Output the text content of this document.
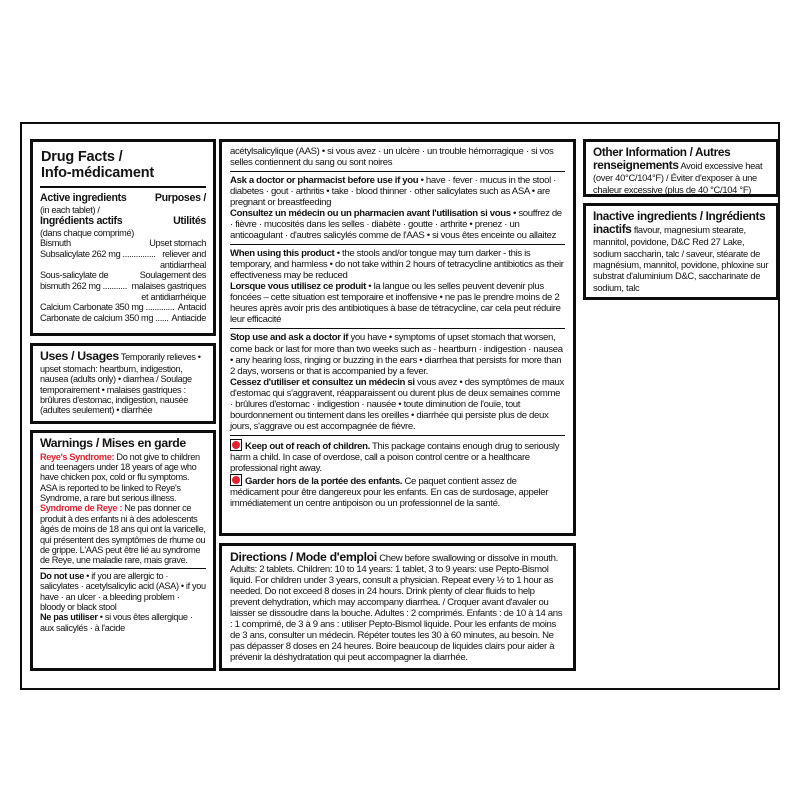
Drug Facts /
Info-médicament
Active ingredients	Purposes /
(in each tablet) /
Ingrédients actifs	Utilités
(dans chaque comprimé)
Bismuth	Upset stomach
Subsalicylate 262 mg ............... reliever and
antidiarrheal
Sous-salicylate de	Soulagement des
bismuth 262 mg ........... malaises gastriques
et antidiarrhéique
Calcium Carbonate 350 mg ............. Antacid
Carbonate de calcium 350 mg ...... Antiacide

Uses / Usages Temporarily relieves • upset stomach: heartburn, indigestion, nausea (adults only) • diarrhea / Soulage temporairement • malaises gastriques : brûlures d'estomac, indigestion, nausée (adultes seulement) • diarrhée

Warnings / Mises en garde

Reye's Syndrome: Do not give to children and teenagers under 18 years of age who have chicken pox, cold or flu symptoms. ASA is reported to be linked to Reye's Syndrome, a rare but serious illness.

Syndrome de Reye : Ne pas donner ce produit à des enfants ni à des adolescents âgés de moins de 18 ans qui ont la varicelle, qui présentent des symptômes de rhume ou de grippe. L'AAS peut être lié au syndrome de Reye, une maladie rare, mais grave.

Do not use • if you are allergic to · salicylates · acetylsalicylic acid (ASA) • if you have · an ulcer · a bleeding problem · bloody or black stool

Ne pas utiliser • si vous êtes allergique · aux salicylés · à l'acide

acétylsalicylique (AAS) • si vous avez · un ulcère · un trouble hémorragique · si vos selles contiennent du sang ou sont noires

Ask a doctor or pharmacist before use if you • have · fever · mucus in the stool · diabetes · gout · arthritis • take · blood thinner · other salicylates such as ASA • are pregnant or breastfeeding

Consultez un médecin ou un pharmacien avant l'utilisation si vous • souffrez de · fièvre · mucosités dans les selles · diabète · goutte · arthrite • prenez · un anticoagulant · d'autres salicylés comme de l'AAS • si vous êtes enceinte ou allaitez

When using this product • the stools and/or tongue may turn darker - this is temporary, and harmless • do not take within 2 hours of tetracycline antibiotics as their effectiveness may be reduced

Lorsque vous utilisez ce produit • la langue ou les selles peuvent devenir plus foncées – cette situation est temporaire et inoffensive • ne pas le prendre moins de 2 heures après avoir pris des antibiotiques à base de tétracycline, car cela peut réduire leur efficacité

Stop use and ask a doctor if you have • symptoms of upset stomach that worsen, come back or last for more than two weeks such as · heartburn · indigestion · nausea • any hearing loss, ringing or buzzing in the ears • diarrhea that persists for more than 2 days, worsens or that is accompanied by a fever.

Cessez d'utiliser et consultez un médecin si vous avez • des symptômes de maux d'estomac qui s'aggravent, réapparaissent ou durent plus de deux semaines comme · brûlures d'estomac · indigestion · nausée • toute diminution de l'ouïe, tout bourdonnement ou tintement dans les oreilles • diarrhée qui persiste plus de deux jours, s'aggrave ou est accompagnée de fièvre.

Keep out of reach of children. This package contains enough drug to seriously harm a child. In case of overdose, call a poison control centre or a healthcare professional right away.

Garder hors de la portée des enfants. Ce paquet contient assez de médicament pour être dangereux pour les enfants. En cas de surdosage, appeler immédiatement un centre antipoison ou un professionnel de la santé.

Directions / Mode d'emploi Chew before swallowing or dissolve in mouth. Adults: 2 tablets. Children: 10 to 14 years: 1 tablet, 3 to 9 years: use Pepto-Bismol liquid. For children under 3 years, consult a physician. Repeat every ½ to 1 hour as needed. Do not exceed 8 doses in 24 hours. Drink plenty of clear fluids to help prevent dehydration, which may accompany diarrhea. / Croquer avant d'avaler ou laisser se dissoudre dans la bouche. Adultes : 2 comprimés. Enfants : de 10 à 14 ans : 1 comprimé, de 3 à 9 ans : utiliser Pepto-Bismol liquide. Pour les enfants de moins de 3 ans, consulter un médecin. Répéter toutes les 30 à 60 minutes, au besoin. Ne pas dépasser 8 doses en 24 heures. Boire beaucoup de liquides clairs pour aider à prévenir la déshydratation qui peut accompagner la diarrhée.

Other Information / Autres renseignements Avoid excessive heat (over 40°C/104°F) / Éviter d'exposer à une chaleur excessive (plus de 40 °C/104 °F)

Inactive ingredients / Ingrédients inactifs flavour, magnesium stearate, mannitol, povidone, D&C Red 27 Lake, sodium saccharin, talc / saveur, stéarate de magnésium, mannitol, povidone, phloxine sur substrat d'aluminium D&C, saccharinate de sodium, talc
